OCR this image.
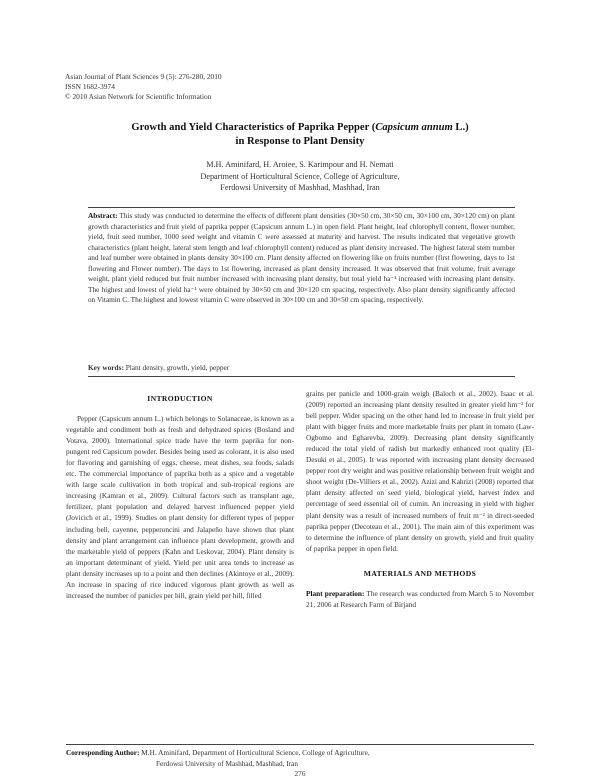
Asian Journal of Plant Sciences 9 (5): 276-280, 2010
ISSN 1682-3974
© 2010 Asian Network for Scientific Information
Growth and Yield Characteristics of Paprika Pepper (Capsicum annum L.)
in Response to Plant Density
M.H. Aminifard, H. Aroiee, S. Karimpour and H. Nemati
Department of Horticultural Science, College of Agriculture,
Ferdowsi University of Mashhad, Mashhad, Iran
Abstract: This study was conducted to determine the effects of different plant densities (30×50 cm, 30×50 cm, 30×100 cm, 30×120 cm) on plant growth characteristics and fruit yield of paprika pepper (Capsicum annum L.) in open field. Plant height, leaf chlorophyll content, flower number, yield, fruit seed number, 1000 seed weight and vitamin C were assessed at maturity and harvest. The results indicated that vegetative growth characteristics (plant height, lateral stem length and leaf chlorophyll content) reduced as plant density increased. The highest lateral stem number and leaf number were obtained in plants density 30×100 cm. Plant density affected on flowering like on fruits number (first flowering, days to 1st flowering and Flower number). The days to 1st flowering, increased as plant density increased. It was observed that fruit volume, fruit average weight, plant yield reduced but fruit number increased with increasing plant density, but total yield ha⁻¹ increased with increasing plant density. The highest and lowest of yield ha⁻¹ were obtained by 30×50 cm and 30×120 cm spacing, respectively. Also plant density significantly affected on Vitamin C. The highest and lowest vitamin C were observed in 30×100 cm and 30×50 cm spacing, respectively.
Key words: Plant density, growth, yield, pepper
INTRODUCTION

Pepper (Capsicum annum L.) which belongs to Solanaceae, is known as a vegetable and condiment both as fresh and dehydrated spices (Bosland and Votava, 2000). International spice trade have the term paprika for non-pungent red Capsicum powder. Besides being used as colorant, it is also used for flavoring and garnishing of eggs, cheese, meat dishes, sea foods, salads etc. The commercial importance of paprika both as a spice and a vegetable with large scale cultivation in both tropical and sub-tropical regions are increasing (Kamran et al., 2009). Cultural factors such as transplant age, fertilizer, plant population and delayed harvest influenced pepper yield (Jovicich et al., 1999). Studies on plant density for different types of pepper including bell, cayenne, pepperoncini and Jalapeño have shown that plant density and plant arrangement can influence plant development, growth and the marketable yield of peppers (Kahn and Leskovar, 2004). Plant density is an important determinant of yield. Yield per unit area tends to increase as plant density increases up to a point and then declines (Akintoye et al., 2009). An increase in spacing of rice induced vigorous plant growth as well as increased the number of panicles per hill, grain yield per hill, filled

grains per panicle and 1000-grain weigh (Baloch et al., 2002). Isaac et al. (2009) reported an increasing plant density resulted in greater yield hm⁻² for bell pepper. Wider spacing on the other hand led to increase in fruit yield per plant with bigger fruits and more marketable fruits per plant in tomato (Law-Ogbomo and Egharevba, 2009). Decreasing plant density significantly reduced the total yield of radish but markedly enhanced root quality (El-Desuki et al., 2005). It was reported with increasing plant density decreased pepper root dry weight and was positive relationship between fruit weight and shoot weight (De-Villiers et al., 2002). Azizi and Kahrizi (2008) reported that plant density affected on seed yield, biological yield, harvest index and percentage of seed essential oil of cumin. An increasing in yield with higher plant density was a result of increased numbers of fruit m⁻² in direct-seeded paprika pepper (Decoteau et al., 2001). The main aim of this experiment was to determine the influence of plant density on growth, yield and fruit quality of paprika pepper in open field.

MATERIALS AND METHODS

Plant preparation: The research was conducted from March 5 to November 21, 2006 at Research Farm of Birjand

Corresponding Author: M.H. Aminifard, Department of Horticultural Science, College of Agriculture,
Ferdowsi University of Mashhad, Mashhad, Iran
276
